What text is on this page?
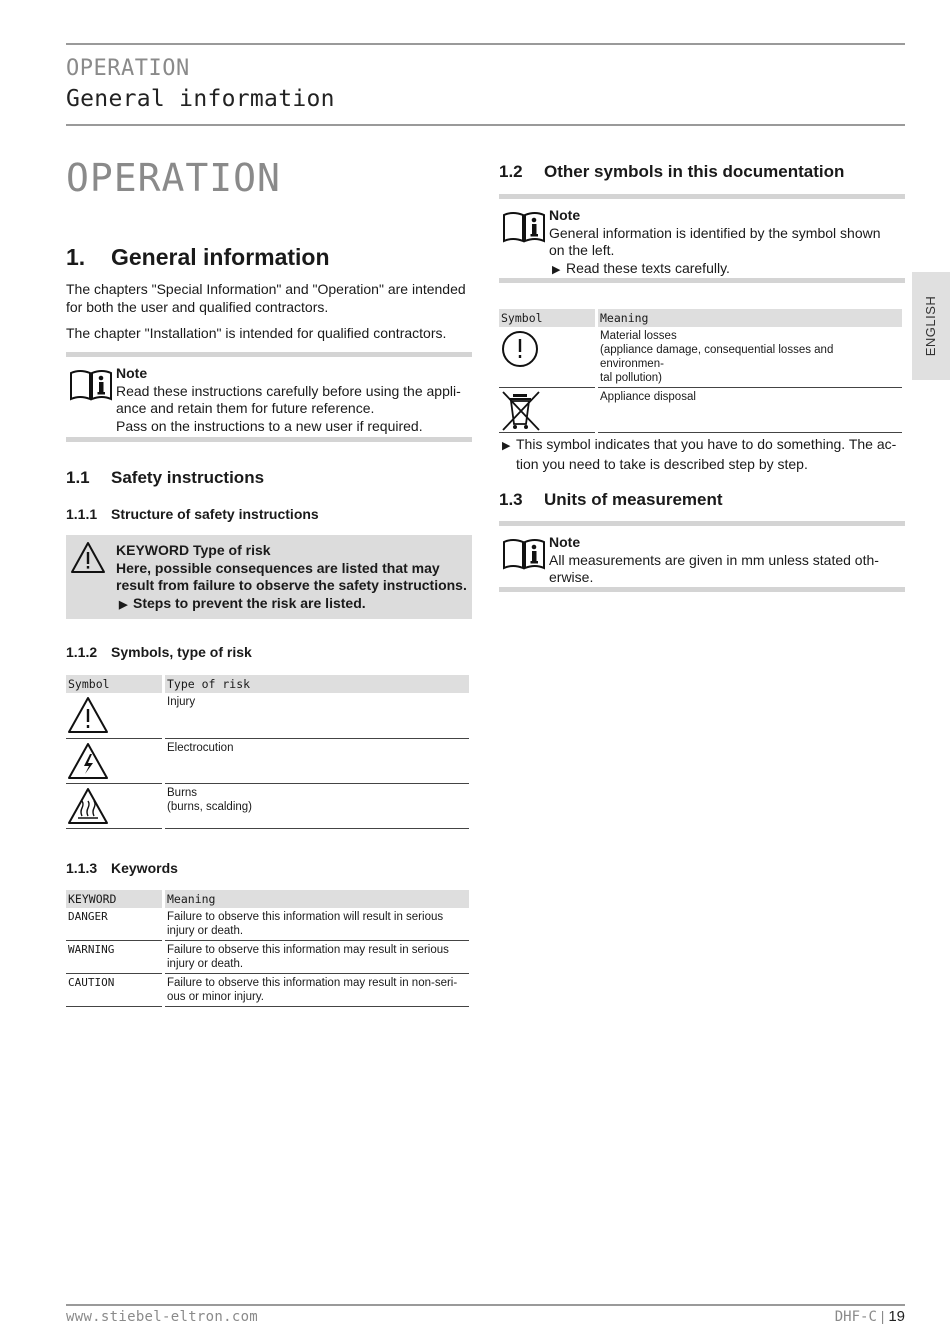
OPERATION
General information
ENGLISH
OPERATION
1. General information
The chapters "Special Information" and "Operation" are intended for both the user and qualified contractors.
The chapter "Installation" is intended for qualified contractors.
Note
Read these instructions carefully before using the appli-
ance and retain them for future reference.
Pass on the instructions to a new user if required.
1.1 Safety instructions
1.1.1 Structure of safety instructions
KEYWORD Type of risk
Here, possible consequences are listed that may result from failure to observe the safety instructions.
▶ Steps to prevent the risk are listed.
1.1.2 Symbols, type of risk
Symbol		Type of risk

		Injury

		Electrocution

Burns
(burns, scalding)
1.1.3 Keywords
KEYWORD		Meaning
DANGER		Failure to observe this information will result in serious
injury or death.

WARNING		Failure to observe this information may result in serious
injury or death.

CAUTION		Failure to observe this information may result in non-seri-
ous or minor injury.
1.2 Other symbols in this documentation
Note
General information is identified by the symbol shown
on the left.
▶ Read these texts carefully.
Symbol		Meaning

Material losses
(appliance damage, consequential losses and environmen-
tal pollution)

		Appliance disposal
▶ This symbol indicates that you have to do something. The ac-
tion you need to take is described step by step.
1.3 Units of measurement
Note
All measurements are given in mm unless stated oth-
erwise.
www.stiebel-eltron.com	DHF-C | 19
